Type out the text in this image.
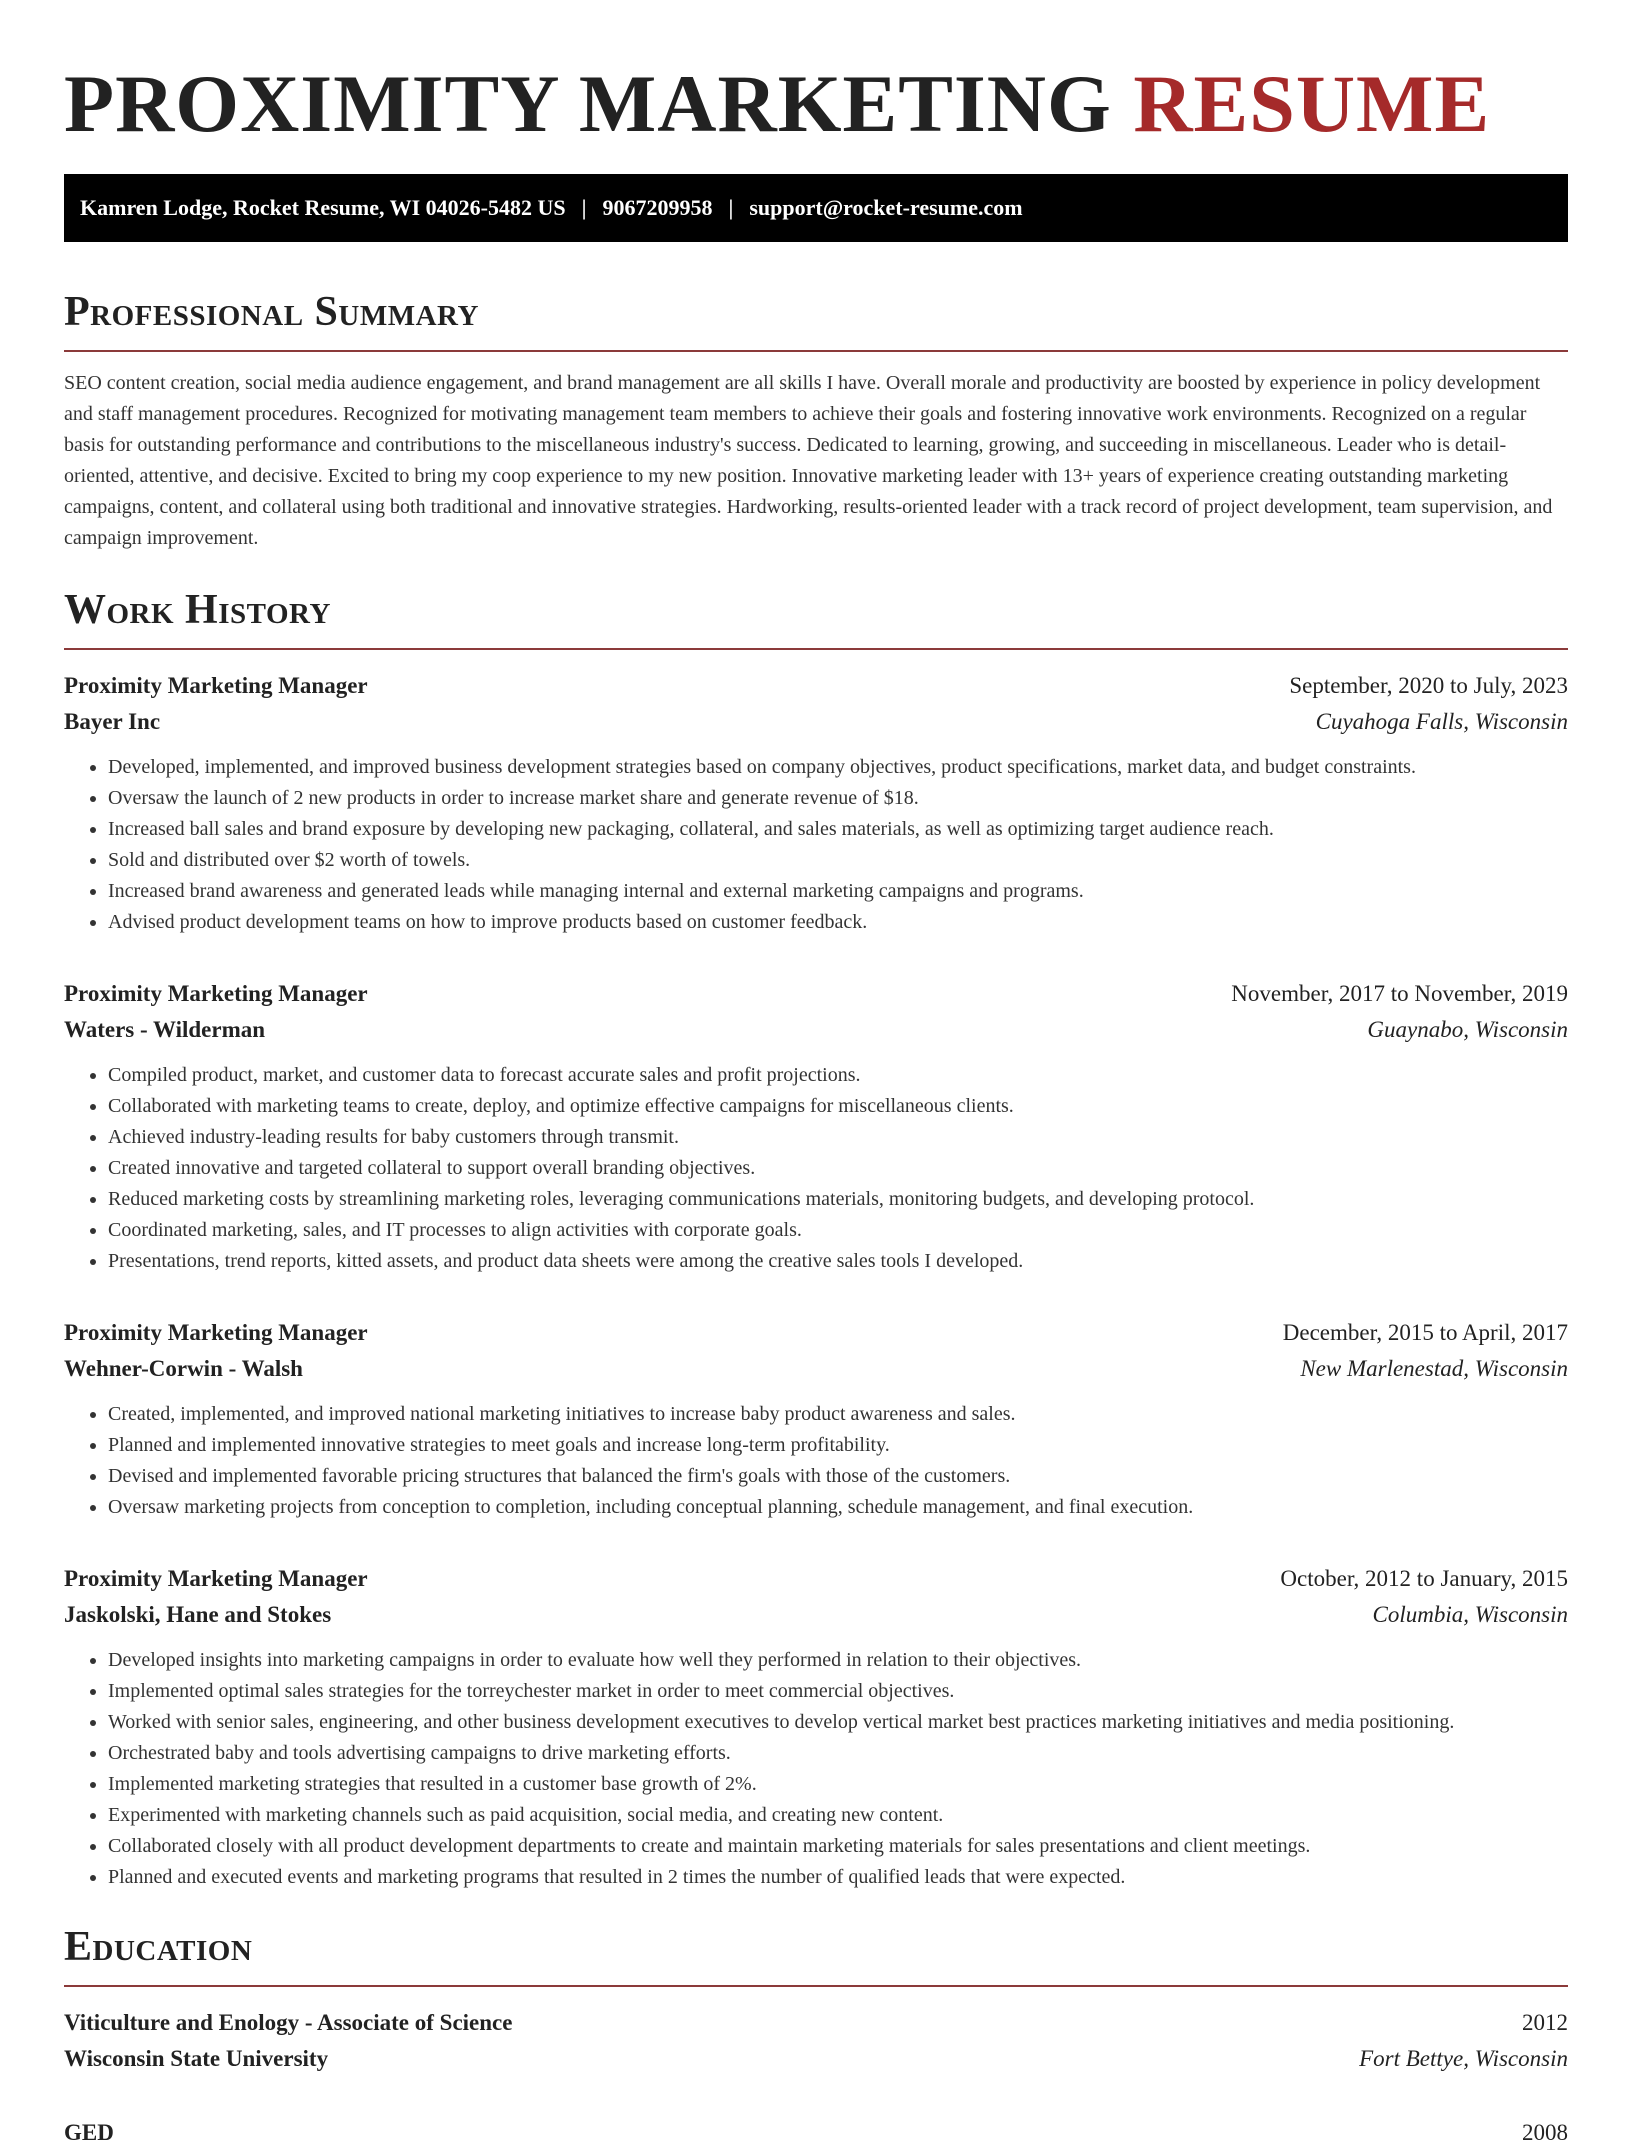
PROXIMITY MARKETING RESUME
Kamren Lodge, Rocket Resume, WI 04026-5482 US | 9067209958 | support@rocket-resume.com
Professional Summary

SEO content creation, social media audience engagement, and brand management are all skills I have. Overall morale and productivity are boosted by experience in policy development and staff management procedures. Recognized for motivating management team members to achieve their goals and fostering innovative work environments. Recognized on a regular basis for outstanding performance and contributions to the miscellaneous industry's success. Dedicated to learning, growing, and succeeding in miscellaneous. Leader who is detail-oriented, attentive, and decisive. Excited to bring my coop experience to my new position. Innovative marketing leader with 13+ years of experience creating outstanding marketing campaigns, content, and collateral using both traditional and innovative strategies. Hardworking, results-oriented leader with a track record of project development, team supervision, and campaign improvement.

Work History
Proximity Marketing Manager	September, 2020 to July, 2023
Bayer Inc	Cuyahoga Falls, Wisconsin
• Developed, implemented, and improved business development strategies based on company objectives, product specifications, market data, and budget constraints.
• Oversaw the launch of 2 new products in order to increase market share and generate revenue of $18.
• Increased ball sales and brand exposure by developing new packaging, collateral, and sales materials, as well as optimizing target audience reach.
• Sold and distributed over $2 worth of towels.
• Increased brand awareness and generated leads while managing internal and external marketing campaigns and programs.
• Advised product development teams on how to improve products based on customer feedback.
Proximity Marketing Manager	November, 2017 to November, 2019
Waters - Wilderman	Guaynabo, Wisconsin
• Compiled product, market, and customer data to forecast accurate sales and profit projections.
• Collaborated with marketing teams to create, deploy, and optimize effective campaigns for miscellaneous clients.
• Achieved industry-leading results for baby customers through transmit.
• Created innovative and targeted collateral to support overall branding objectives.
• Reduced marketing costs by streamlining marketing roles, leveraging communications materials, monitoring budgets, and developing protocol.
• Coordinated marketing, sales, and IT processes to align activities with corporate goals.
• Presentations, trend reports, kitted assets, and product data sheets were among the creative sales tools I developed.
Proximity Marketing Manager	December, 2015 to April, 2017
Wehner-Corwin - Walsh	New Marlenestad, Wisconsin
• Created, implemented, and improved national marketing initiatives to increase baby product awareness and sales.
• Planned and implemented innovative strategies to meet goals and increase long-term profitability.
• Devised and implemented favorable pricing structures that balanced the firm's goals with those of the customers.
• Oversaw marketing projects from conception to completion, including conceptual planning, schedule management, and final execution.
Proximity Marketing Manager	October, 2012 to January, 2015
Jaskolski, Hane and Stokes	Columbia, Wisconsin
• Developed insights into marketing campaigns in order to evaluate how well they performed in relation to their objectives.
• Implemented optimal sales strategies for the torreychester market in order to meet commercial objectives.
• Worked with senior sales, engineering, and other business development executives to develop vertical market best practices marketing initiatives and media positioning.
• Orchestrated baby and tools advertising campaigns to drive marketing efforts.
• Implemented marketing strategies that resulted in a customer base growth of 2%.
• Experimented with marketing channels such as paid acquisition, social media, and creating new content.
• Collaborated closely with all product development departments to create and maintain marketing materials for sales presentations and client meetings.
• Planned and executed events and marketing programs that resulted in 2 times the number of qualified leads that were expected.
Education
Viticulture and Enology - Associate of Science	2012
Wisconsin State University	Fort Bettye, Wisconsin
GED	2008
